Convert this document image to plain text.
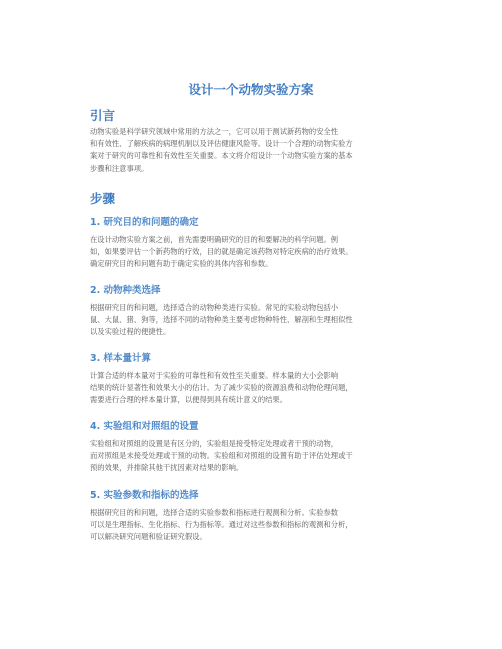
设计一个动物实验方案
引言

动物实验是科学研究领域中常用的方法之一，它可以用于测试新药物的安全性
和有效性、了解疾病的病理机制以及评估健康风险等。设计一个合理的动物实验方
案对于研究的可靠性和有效性至关重要。本文将介绍设计一个动物实验方案的基本
步骤和注意事项。

步骤
1. 研究目的和问题的确定

在设计动物实验方案之前，首先需要明确研究的目的和要解决的科学问题。例
如，如果要评估一个新药物的疗效，目的就是确定该药物对特定疾病的治疗效果。
确定研究目的和问题有助于确定实验的具体内容和参数。

2. 动物种类选择

根据研究目的和问题，选择适合的动物种类进行实验。常见的实验动物包括小
鼠、大鼠、猪、狗等，选择不同的动物种类主要考虑物种特性、解剖和生理相似性
以及实验过程的便捷性。

3. 样本量计算

计算合适的样本量对于实验的可靠性和有效性至关重要。样本量的大小会影响
结果的统计显著性和效果大小的估计。为了减少实验的资源浪费和动物伦理问题，
需要进行合理的样本量计算，以便得到具有统计意义的结果。

4. 实验组和对照组的设置

实验组和对照组的设置是有区分的，实验组是接受特定处理或者干预的动物，
而对照组是未接受处理或干预的动物。实验组和对照组的设置有助于评估处理或干
预的效果，并排除其他干扰因素对结果的影响。

5. 实验参数和指标的选择

根据研究目的和问题，选择合适的实验参数和指标进行观测和分析。实验参数
可以是生理指标、生化指标、行为指标等。通过对这些参数和指标的观测和分析，
可以解决研究问题和验证研究假设。
